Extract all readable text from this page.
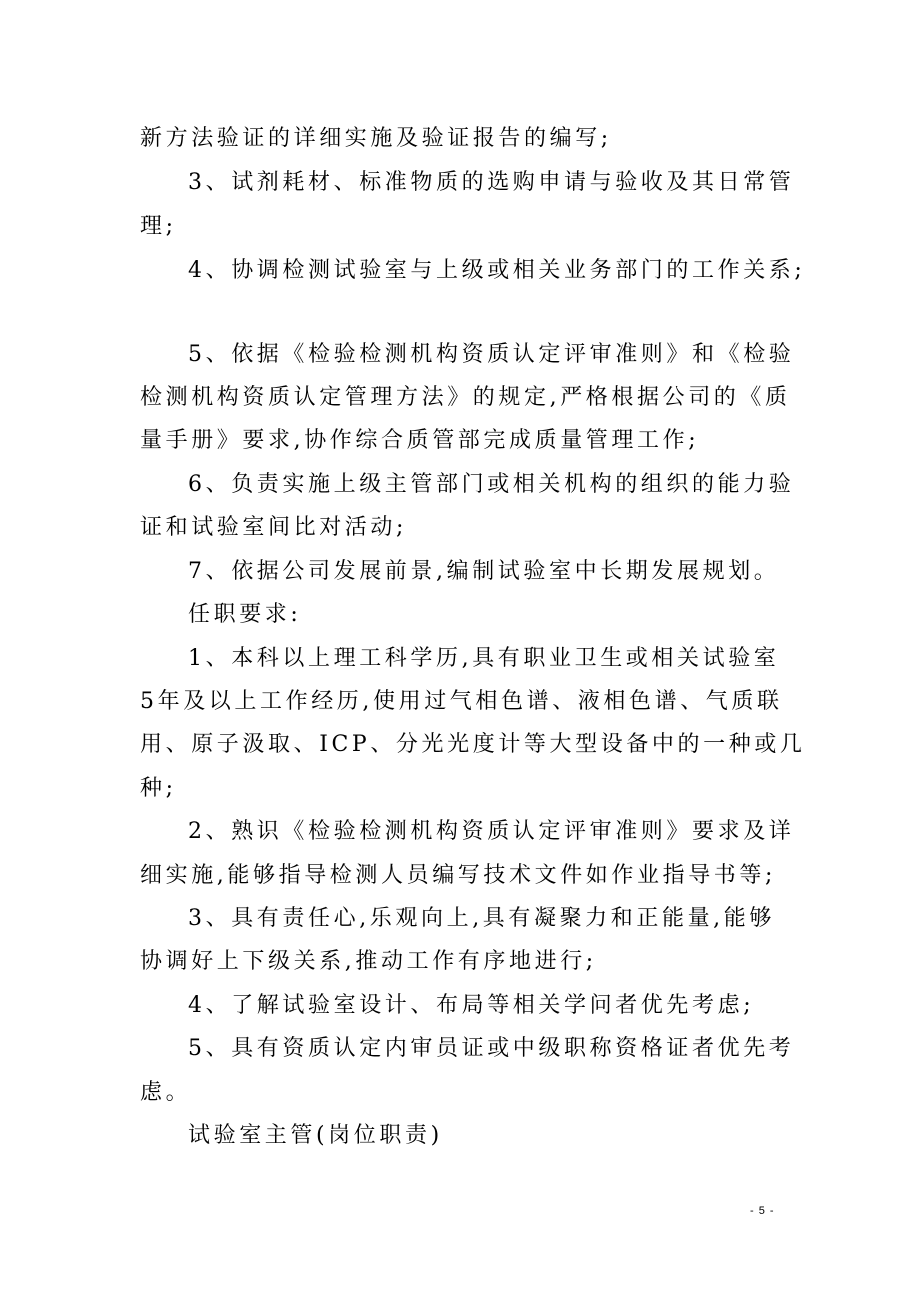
新方法验证的详细实施及验证报告的编写;
3、试剂耗材、标准物质的选购申请与验收及其日常管
理;
4、协调检测试验室与上级或相关业务部门的工作关系;
5、依据《检验检测机构资质认定评审准则》和《检验
检测机构资质认定管理方法》的规定,严格根据公司的《质
量手册》要求,协作综合质管部完成质量管理工作;
6、负责实施上级主管部门或相关机构的组织的能力验
证和试验室间比对活动;
7、依据公司发展前景,编制试验室中长期发展规划。
任职要求:
1、本科以上理工科学历,具有职业卫生或相关试验室
5年及以上工作经历,使用过气相色谱、液相色谱、气质联
用、原子汲取、ICP、分光光度计等大型设备中的一种或几
种;
2、熟识《检验检测机构资质认定评审准则》要求及详
细实施,能够指导检测人员编写技术文件如作业指导书等;
3、具有责任心,乐观向上,具有凝聚力和正能量,能够
协调好上下级关系,推动工作有序地进行;
4、了解试验室设计、布局等相关学问者优先考虑;
5、具有资质认定内审员证或中级职称资格证者优先考
虑。
试验室主管(岗位职责)
- 5 -
